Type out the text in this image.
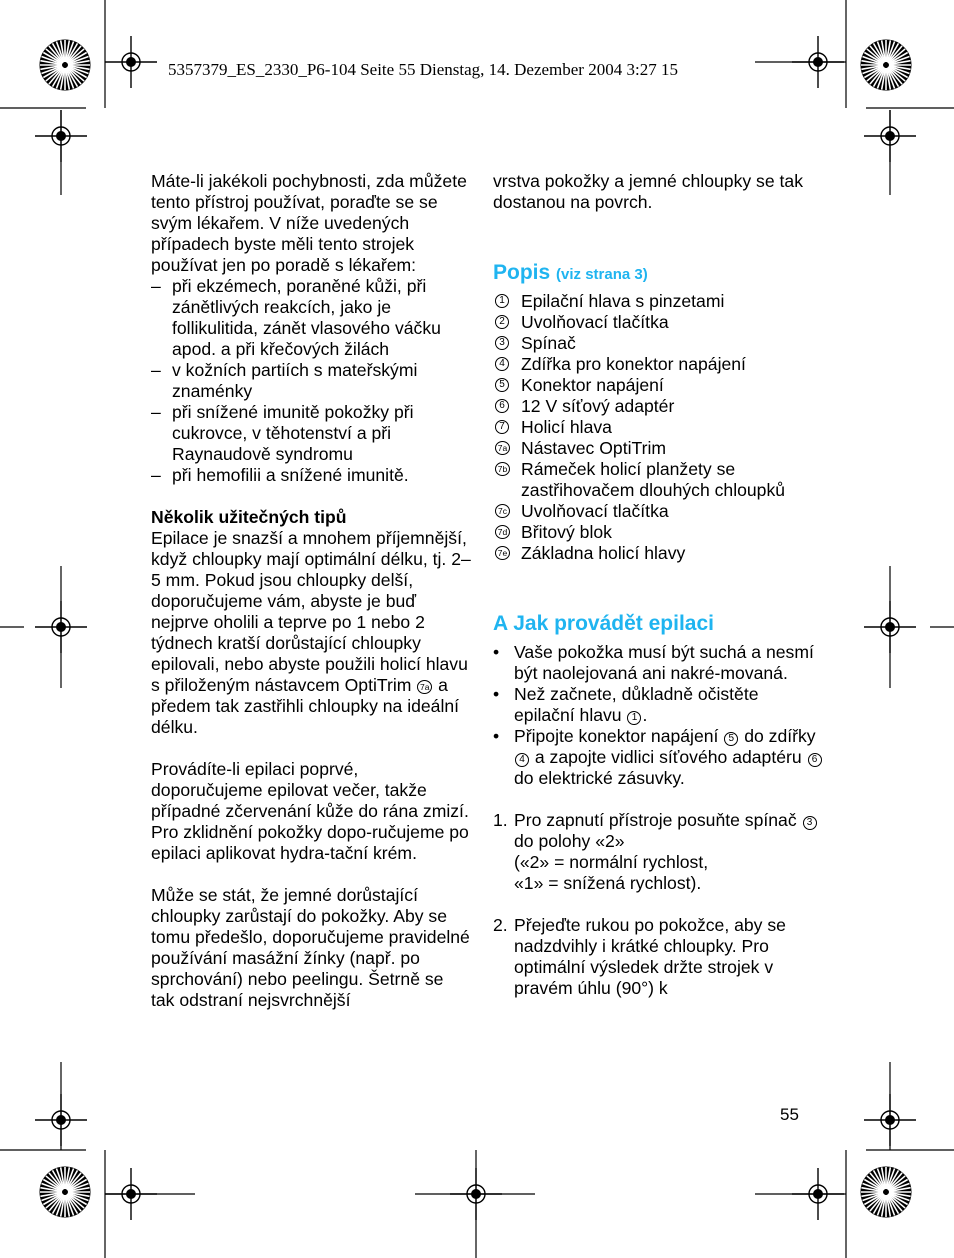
5357379_ES_2330_P6-104 Seite 55 Dienstag, 14. Dezember 2004 3:27 15

Máte-li jakékoli pochybnosti, zda můžete tento přístroj používat, poraďte se se svým lékařem. V níže uvedených případech byste měli tento strojek používat jen po poradě s lékařem:

– při ekzémech, poraněné kůži, při zánětlivých reakcích, jako je follikulitida, zánět vlasového váčku apod. a při křečových žilách
– v kožních partiích s mateřskými znaménky
– při snížené imunitě pokožky při cukrovce, v těhotenství a při Raynaudově syndromu
– při hemofilii a snížené imunitě.

Několik užitečných tipů

Epilace je snazší a mnohem příjemnější, když chloupky mají optimální délku, tj. 2–5 mm. Pokud jsou chloupky delší, doporučujeme vám, abyste je buď nejprve oholili a teprve po 1 nebo 2 týdnech kratší dorůstající chloupky epilovali, nebo abyste použili holicí hlavu s přiloženým nástavcem OptiTrim 7a a předem tak zastřihli chloupky na ideální délku.

Provádíte-li epilaci poprvé, doporučujeme epilovat večer, takže případné zčervenání kůže do rána zmizí. Pro zklidnění pokožky dopo-ručujeme po epilaci aplikovat hydra-tační krém.

Může se stát, že jemné dorůstající chloupky zarůstají do pokožky. Aby se tomu předešlo, doporučujeme pravidelné používání masážní žínky (např. po sprchování) nebo peelingu. Šetrně se tak odstraní nejsvrchnější

vrstva pokožky a jemné chloupky se tak dostanou na povrch.

Popis (viz strana 3)

1 Epilační hlava s pinzetami
2 Uvolňovací tlačítka
3 Spínač
4 Zdířka pro konektor napájení
5 Konektor napájení
6 12 V síťový adaptér
7 Holicí hlava
7a Nástavec OptiTrim
7b Rámeček holicí planžety se zastřihovačem dlouhých chloupků
7c Uvolňovací tlačítka
7d Břitový blok
7e Základna holicí hlavy

A Jak provádět epilaci

• Vaše pokožka musí být suchá a nesmí být naolejovaná ani nakré-movaná.
• Než začnete, důkladně očistěte epilační hlavu 1 .
• Připojte konektor napájení 5 do zdířky 4 a zapojte vidlici síťového adaptéru 6 do elektrické zásuvky.
1. Pro zapnutí přístroje posuňte spínač 3 do polohy «2»
(«2» = normální rychlost,
«1» = snížená rychlost).
2. Přejeďte rukou po pokožce, aby se nadzdvihly i krátké chloupky. Pro optimální výsledek držte strojek v pravém úhlu (90°) k
55
